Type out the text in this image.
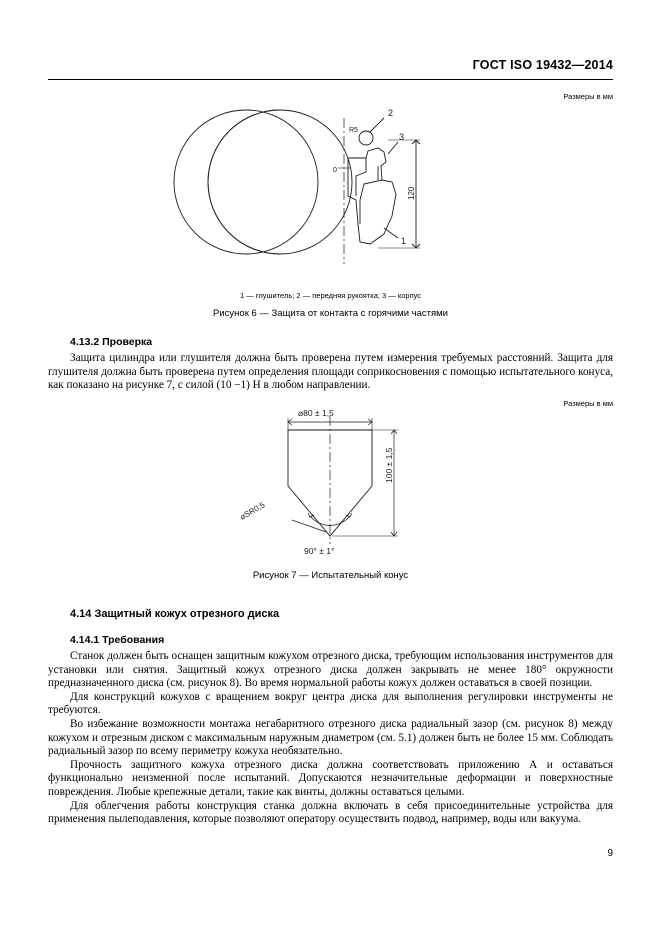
ГОСТ ISO 19432—2014
Размеры в мм
2
3
1
120
R5
0
1 — глушитель; 2 — передняя рукоятка; 3 — корпус
Рисунок 6 — Защита от контакта с горячими частями
4.13.2 Проверка

Защита цилиндра или глушителя должна быть проверена путем измерения требуемых расстояний. Защита для глушителя должна быть проверена путем определения площади соприкосновения с помощью испытательного конуса, как показано на рисунке 7, с силой (10 −1) Н в любом направлении.

Размеры в мм
⌀80 ± 1,5
100 ± 1,5
⌀SR0,5
90° ± 1°
Рисунок 7 — Испытательный конус
4.14 Защитный кожух отрезного диска
4.14.1 Требования

Станок должен быть оснащен защитным кожухом отрезного диска, требующим использования инструментов для установки или снятия. Защитный кожух отрезного диска должен закрывать не менее 180° окружности предназначенного диска (см. рисунок 8). Во время нормальной работы кожух должен оставаться в своей позиции.

Для конструкций кожухов с вращением вокруг центра диска для выполнения регулировки инструменты не требуются.

Во избежание возможности монтажа негабаритного отрезного диска радиальный зазор (см. рисунок 8) между кожухом и отрезным диском с максимальным наружным диаметром (см. 5.1) должен быть не более 15 мм. Соблюдать радиальный зазор по всему периметру кожуха необязательно.

Прочность защитного кожуха отрезного диска должна соответствовать приложению А и оставаться функционально неизменной после испытаний. Допускаются незначительные деформации и поверхностные повреждения. Любые крепежные детали, такие как винты, должны оставаться целыми.

Для облегчения работы конструкция станка должна включать в себя присоединительные устройства для применения пылеподавления, которые позволяют оператору осуществить подвод, например, воды или вакуума.

9
